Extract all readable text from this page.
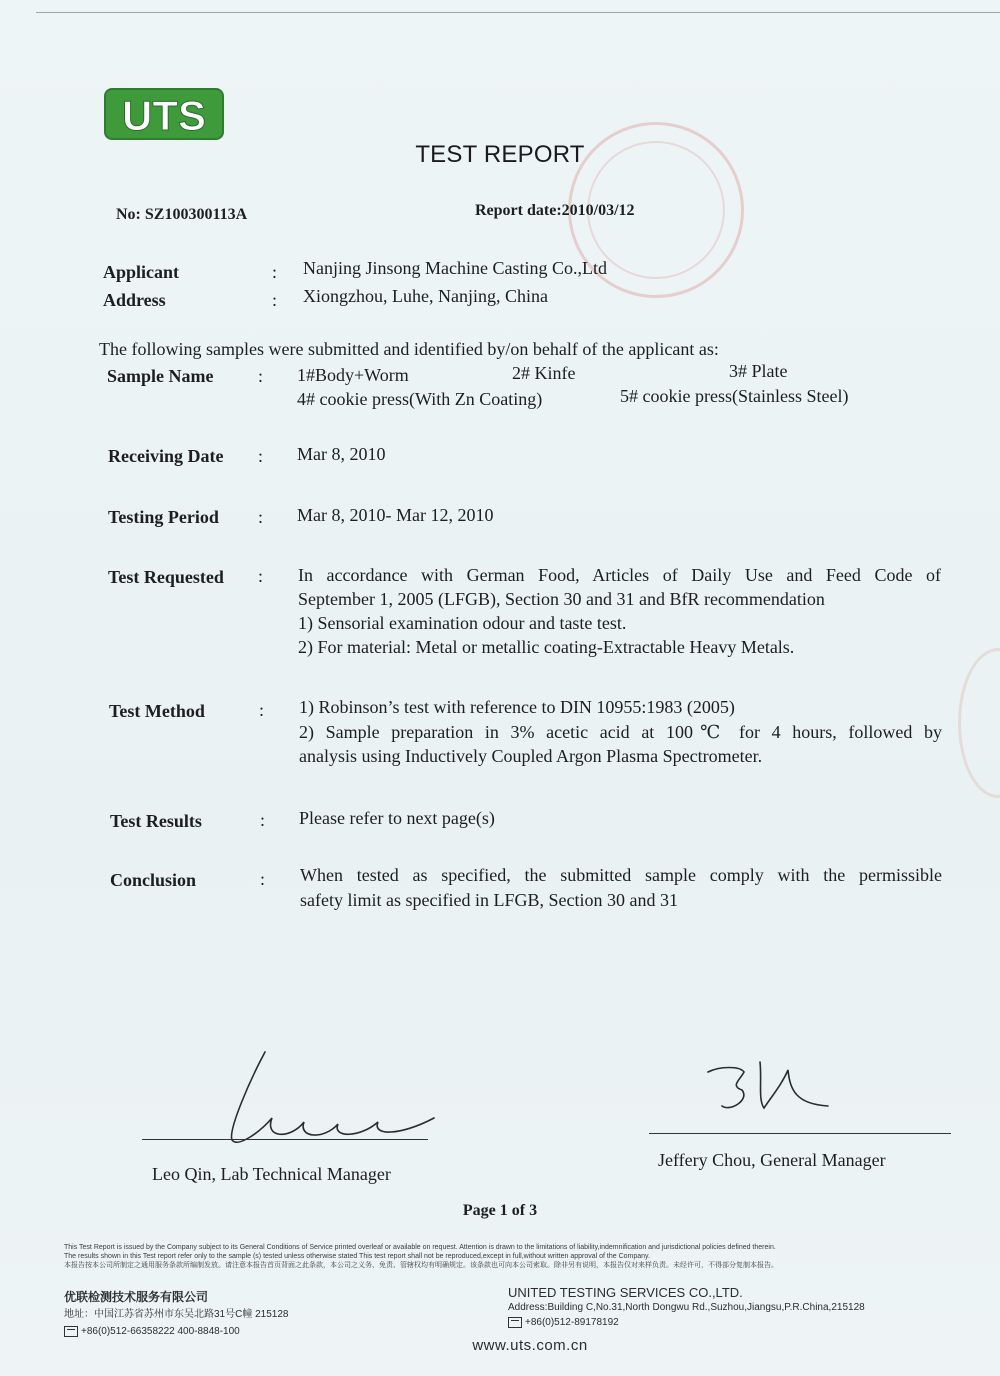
UTS
TEST REPORT
No: SZ100300113A	Report date:2010/03/12
Applicant	: Nanjing Jinsong Machine Casting Co.,Ltd
Address	: Xiongzhou, Luhe, Nanjing, China
The following samples were submitted and identified by/on behalf of the applicant as:
Sample Name : 1#Body+Worm	2# Kinfe	3# Plate
4# cookie press(With Zn Coating)	5# cookie press(Stainless Steel)
Receiving Date : Mar 8, 2010
Testing Period : Mar 8, 2010- Mar 12, 2010
Test Requested : In accordance with German Food, Articles of Daily Use and Feed Code of
September 1, 2005 (LFGB), Section 30 and 31 and BfR recommendation
1) Sensorial examination odour and taste test.
2) For material: Metal or metallic coating-Extractable Heavy Metals.
Test Method	: 1) Robinson’s test with reference to DIN 10955:1983 (2005)
2) Sample preparation in 3% acetic acid at 100℃ for 4 hours, followed by
analysis using Inductively Coupled Argon Plasma Spectrometer.
Test Results	: Please refer to next page(s)
Conclusion	: When tested as specified, the submitted sample comply with the permissible
safety limit as specified in LFGB, Section 30 and 31
Leo Qin, Lab Technical Manager
Jeffery Chou, General Manager
Page 1 of 3
This Test Report is issued by the Company subject to its General Conditions of Service printed overleaf or available on request. Attention is drawn to the limitations of liability,indemnification and jurisdictional policies defined therein.
The results shown in this Test report refer only to the sample (s) tested unless otherwise stated This test report shall not be reproduced,except in full,without written approval of the Company.
本报告按本公司所制定之通用服务条款所编制发放。请注意本报告首页背面之此条款，本公司之义务、免责、管辖权均有明确规定。该条款也可向本公司索取。除非另有说明，本报告仅对来样负责。未经许可，不得部分复制本报告。
优联检测技术服务有限公司
地址：中国江苏省苏州市东吴北路31号C幢 215128
+86(0)512-66358222 400-8848-100
UNITED TESTING SERVICES CO.,LTD.
Address:Building C,No.31,North Dongwu Rd.,Suzhou,Jiangsu,P.R.China,215128
+86(0)512-89178192
www.uts.com.cn
